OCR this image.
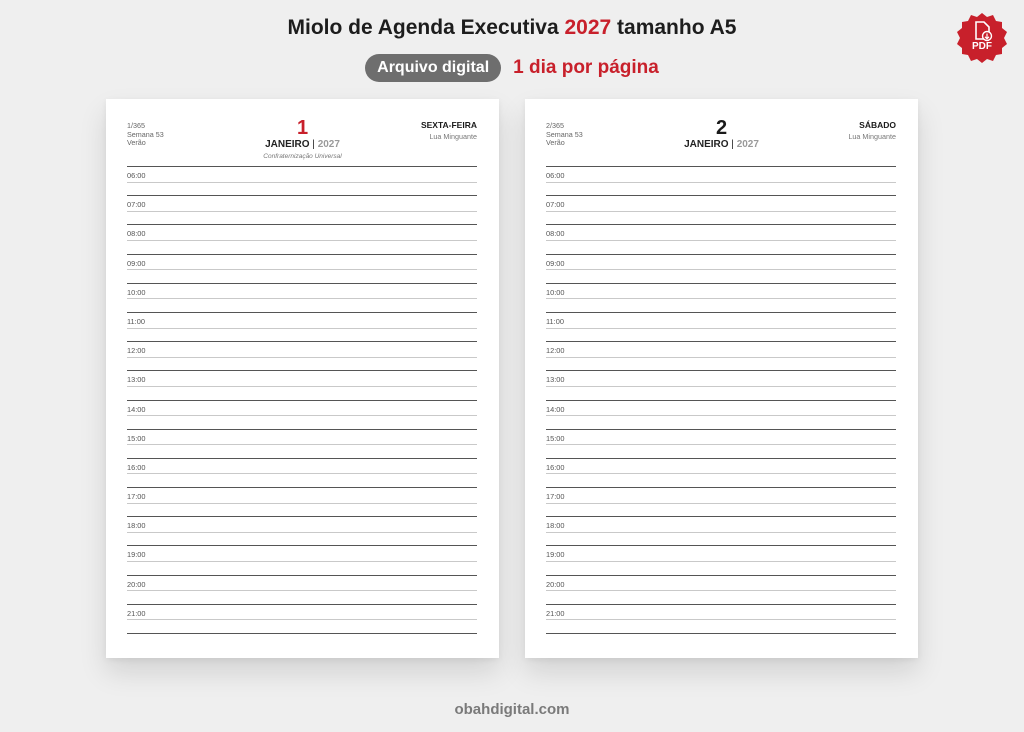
Miolo de Agenda Executiva 2027 tamanho A5
Arquivo digital	1 dia por página
PDF
1/365
Semana 53
Verão
1
JANEIRO | 2027
Confraternização Universal
SEXTA-FEIRA
Lua Minguante
06:00
07:00
08:00
09:00
10:00
11:00
12:00
13:00
14:00
15:00
16:00
17:00
18:00
19:00
20:00
21:00
2/365
Semana 53
Verão
2
JANEIRO | 2027
SÁBADO
Lua Minguante
06:00
07:00
08:00
09:00
10:00
11:00
12:00
13:00
14:00
15:00
16:00
17:00
18:00
19:00
20:00
21:00
obahdigital.com
